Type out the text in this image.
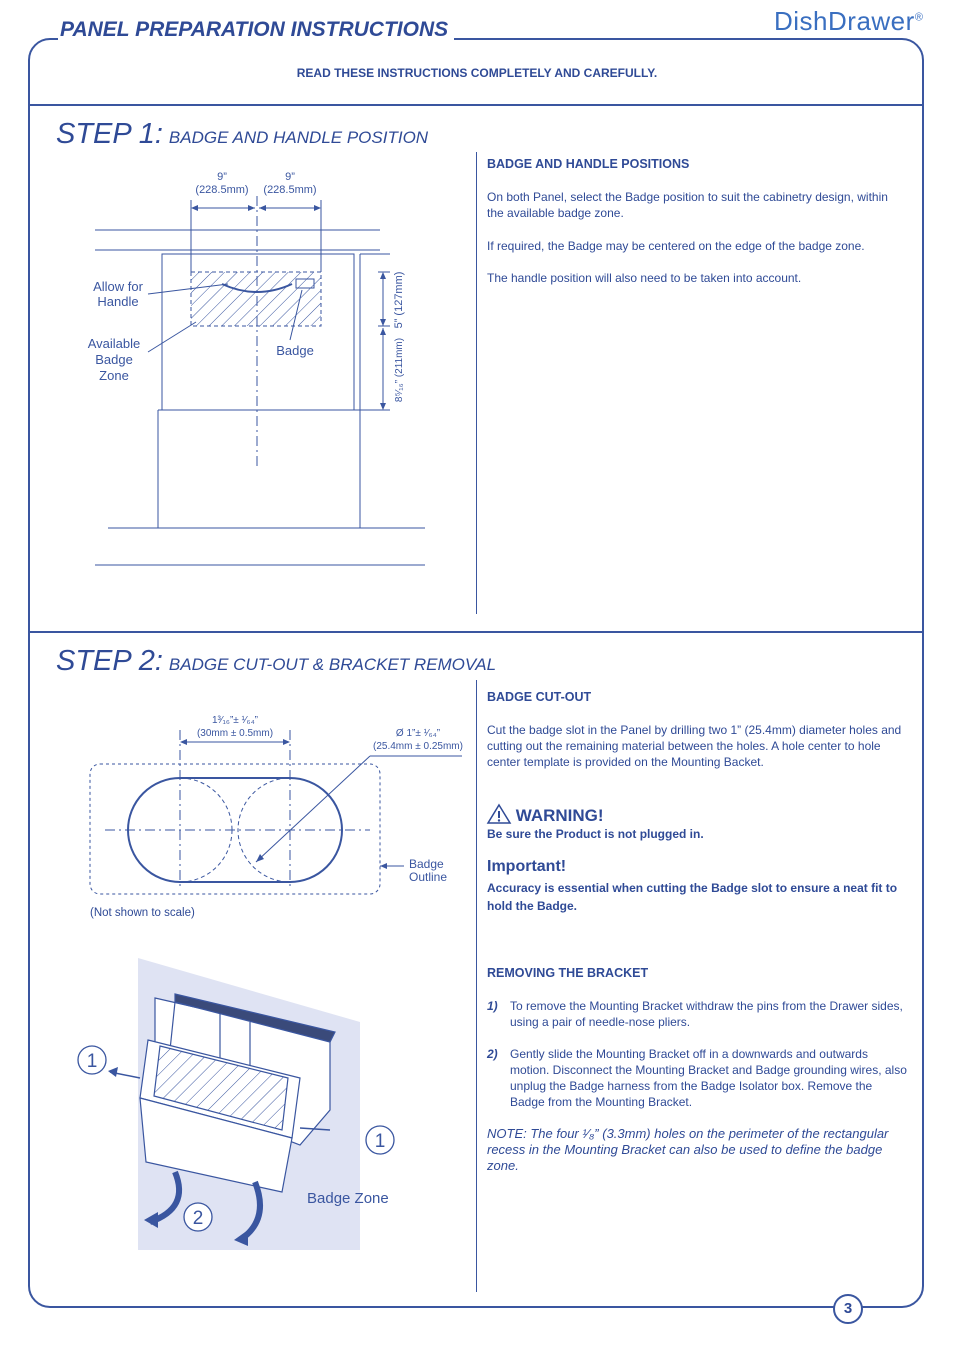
PANEL PREPARATION INSTRUCTIONS	DishDrawer®
READ THESE INSTRUCTIONS COMPLETELY AND CAREFULLY.
STEP 1: BADGE AND HANDLE POSITION
9”
(228.5mm)
9”
(228.5mm)
Allow for
Handle
Available
Badge
Zone
Badge
5” (127mm)
8⁵⁄₁₆” (211mm)
BADGE AND HANDLE POSITIONS

On both Panel, select the Badge position to suit the cabinetry design, within the available badge zone.

If required, the Badge may be centered on the edge of the badge zone.

The handle position will also need to be taken into account.

STEP 2: BADGE CUT-OUT & BRACKET REMOVAL
1³⁄₁₆”± ¹⁄₆₄”
(30mm ± 0.5mm)	Ø 1”± ¹⁄₆₄”
(25.4mm ± 0.25mm)
Badge
Outline
(Not shown to scale)
1
1
2
Badge Zone
BADGE CUT-OUT

Cut the badge slot in the Panel by drilling two 1” (25.4mm) diameter holes and cutting out the remaining material between the holes. A hole center to hole center template is provided on the Mounting Backet.

WARNING!

Be sure the Product is not plugged in.

Important!

Accuracy is essential when cutting the Badge slot to ensure a neat fit to hold the Badge.

REMOVING THE BRACKET
1) To remove the Mounting Bracket withdraw the pins from the Drawer sides, using a pair of needle-nose pliers.
2) Gently slide the Mounting Bracket off in a downwards and outwards motion. Disconnect the Mounting Bracket and Badge grounding wires, also unplug the Badge harness from the Badge Isolator box. Remove the Badge from the Mounting Bracket.
NOTE: The four ¹⁄₈” (3.3mm) holes on the perimeter of the rectangular recess in the Mounting Bracket can also be used to define the badge zone.
3
